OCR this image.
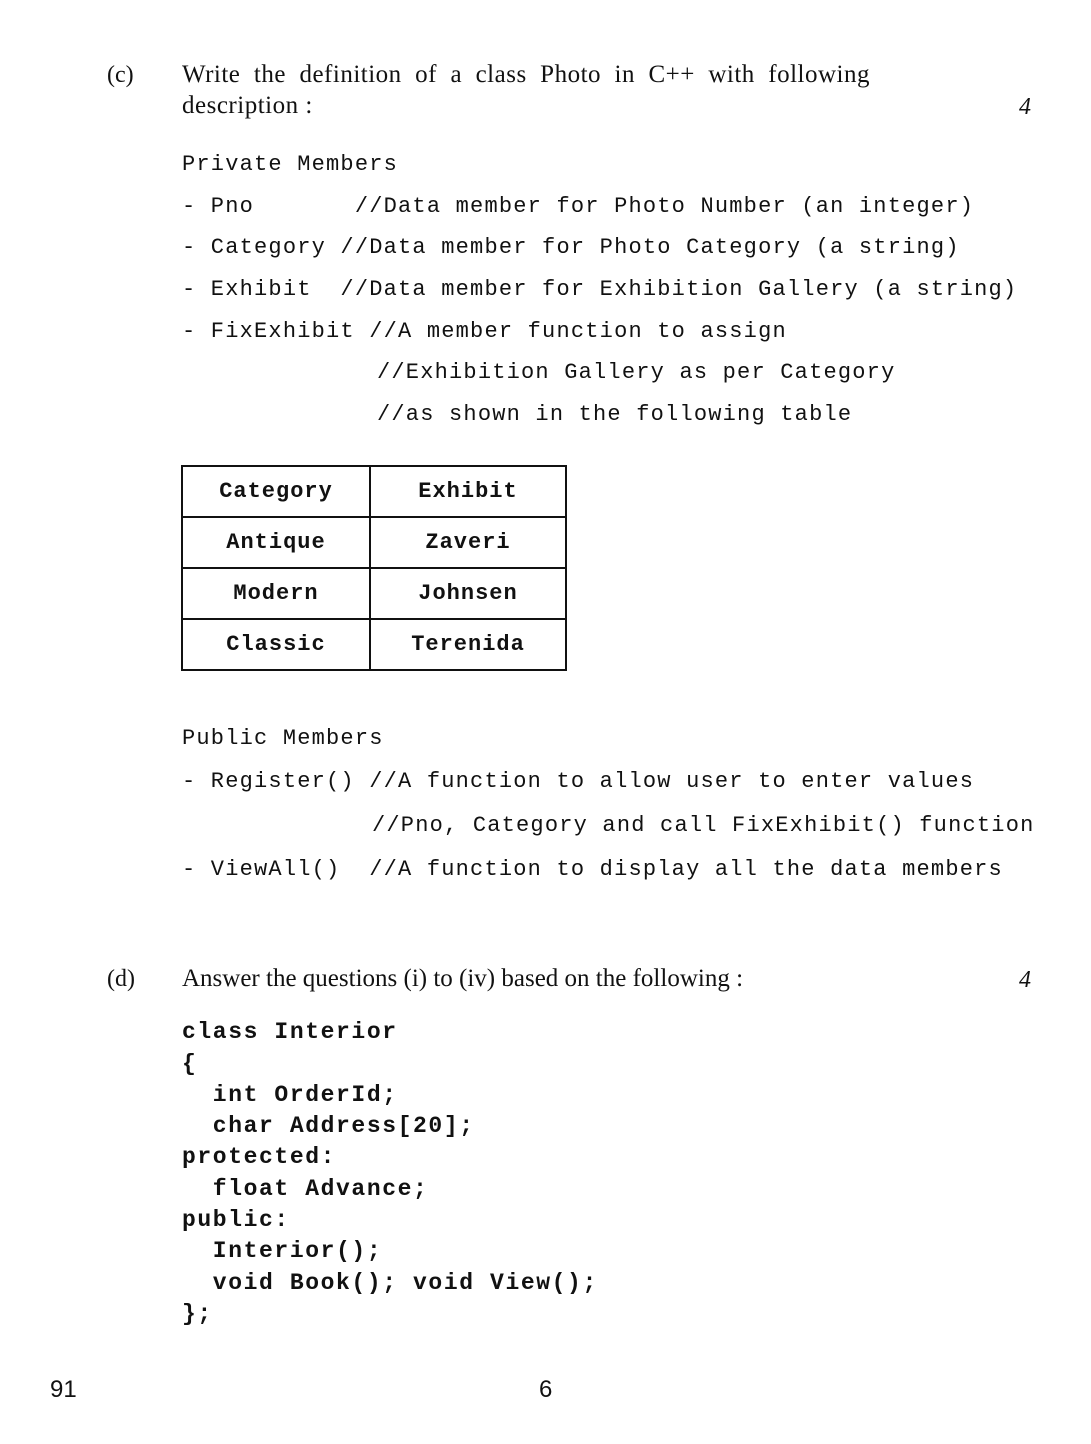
(c) Write  the  definition  of  a  class  Photo  in  C++  with  following
description :	4
Private Members
- Pno       //Data member for Photo Number (an integer)
- Category //Data member for Photo Category (a string)
- Exhibit  //Data member for Exhibition Gallery (a string)
- FixExhibit //A member function to assign
//Exhibition Gallery as per Category
//as shown in the following table
Category	Exhibit
Antique	Zaveri
Modern	Johnsen
Classic	Terenida
Public Members
- Register() //A function to allow user to enter values
//Pno, Category and call FixExhibit() function
- ViewAll()  //A function to display all the data members
(d) Answer the questions (i) to (iv) based on the following :	4
class Interior
{
int OrderId;
char Address[20];
protected:
float Advance;
public:
Interior();
void Book(); void View();
};
91	6
